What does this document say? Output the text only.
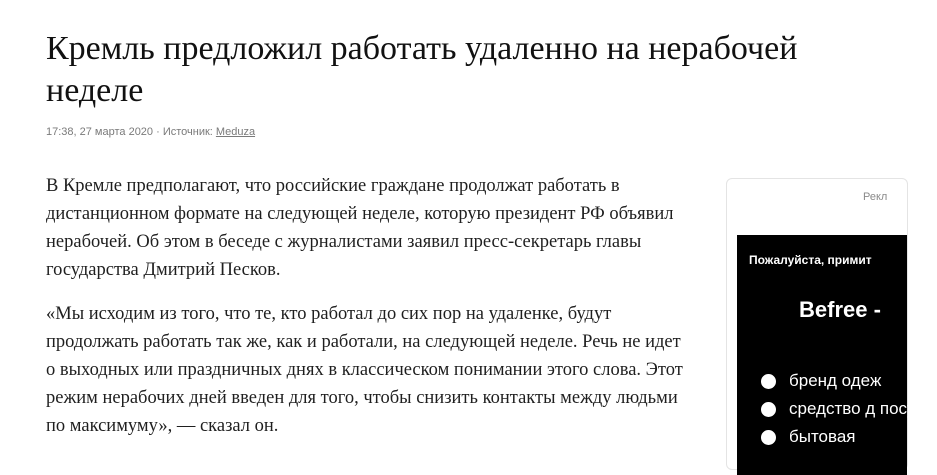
Кремль предложил работать удаленно на нерабочей неделе
17:38, 27 марта 2020 · Источник: Meduza

В Кремле предполагают, что российские граждане продолжат работать в дистанционном формате на следующей неделе, которую президент РФ объявил нерабочей. Об этом в беседе с журналистами заявил пресс-секретарь главы государства Дмитрий Песков.

«Мы исходим из того, что те, кто работал до сих пор на удаленке, будут продолжать работать так же, как и работали, на следующей неделе. Речь не идет о выходных или праздничных днях в классическом понимании этого слова. Этот режим нерабочих дней введен для того, чтобы снизить контакты между людьми по максимуму», — сказал он.

Рекл
Пожалуйста, примит
Befree -
бренд одеж
средство д посуды
бытовая
